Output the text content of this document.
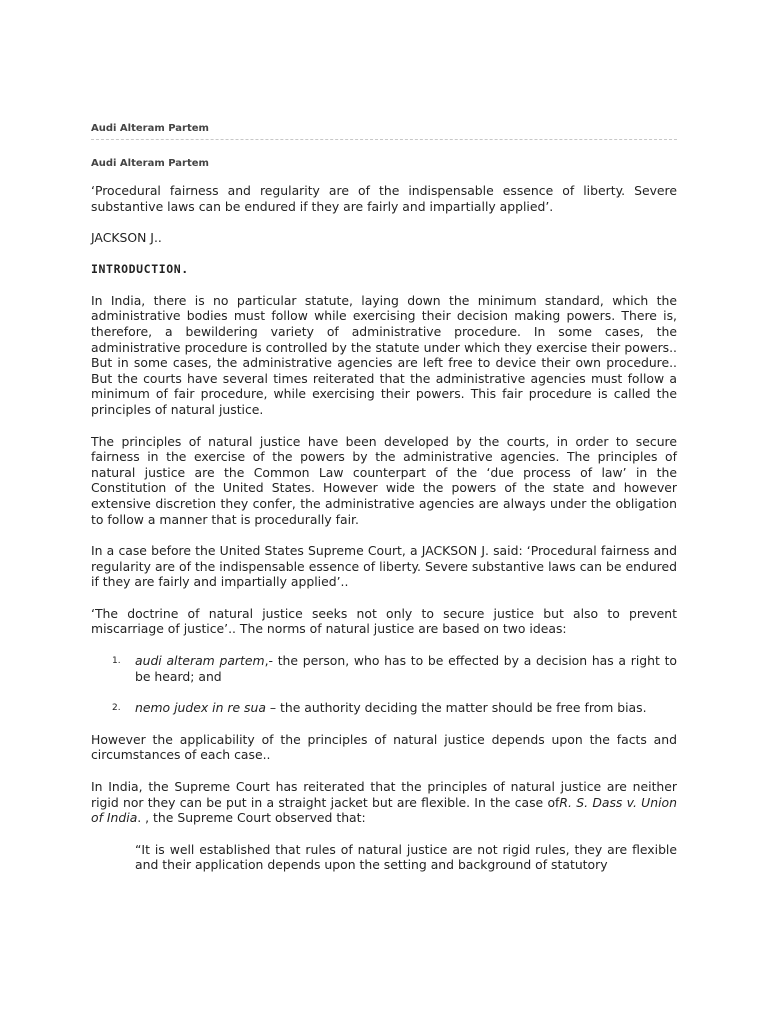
Audi Alteram Partem
Audi Alteram Partem

‘Procedural fairness and regularity are of the indispensable essence of liberty. Severe substantive laws can be endured if they are fairly and impartially applied’.

JACKSON J..

INTRODUCTION.

In India, there is no particular statute, laying down the minimum standard, which the administrative bodies must follow while exercising their decision making powers. There is, therefore, a bewildering variety of administrative procedure. In some cases, the administrative procedure is controlled by the statute under which they exercise their powers.. But in some cases, the administrative agencies are left free to device their own procedure.. But the courts have several times reiterated that the administrative agencies must follow a minimum of fair procedure, while exercising their powers. This fair procedure is called the principles of natural justice.

The principles of natural justice have been developed by the courts, in order to secure fairness in the exercise of the powers by the administrative agencies. The principles of natural justice are the Common Law counterpart of the ‘due process of law’ in the Constitution of the United States. However wide the powers of the state and however extensive discretion they confer, the administrative agencies are always under the obligation to follow a manner that is procedurally fair.

In a case before the United States Supreme Court, a JACKSON J. said: ‘Procedural fairness and regularity are of the indispensable essence of liberty. Severe substantive laws can be endured if they are fairly and impartially applied’..

‘The doctrine of natural justice seeks not only to secure justice but also to prevent miscarriage of justice’.. The norms of natural justice are based on two ideas:

1. audi alteram partem,- the person, who has to be effected by a decision has a right to be heard; and
2. nemo judex in re sua – the authority deciding the matter should be free from bias.

However the applicability of the principles of natural justice depends upon the facts and circumstances of each case..

In India, the Supreme Court has reiterated that the principles of natural justice are neither rigid nor they can be put in a straight jacket but are flexible. In the case ofR. S. Dass v. Union of India. , the Supreme Court observed that:

“It is well established that rules of natural justice are not rigid rules, they are flexible and their application depends upon the setting and background of statutory
